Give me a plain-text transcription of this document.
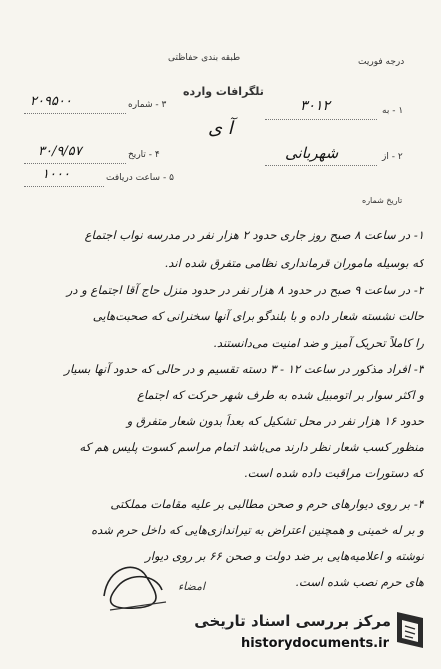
طبقه بندی حفاظتی	درجه فوریت
تلگرافات وارده
۱ - به
۳۰۱۲
۲ - از
شهربانی
آ ی
۳ - شماره
۲۰۹۵۰۰
۴ - تاریخ
۳۰/۹/۵۷
۵ - ساعت دریافت
۱۰۰۰
تاریخ شماره
۱- در ساعت ۸ صبح روز جاری حدود ۲ هزار نفر در مدرسه نواب اجتماع
که بوسیله ماموران قرمانداری نظامی متفرق شده اند.
۲- در ساعت ۹ صبح در حدود ۸ هزار نفر در حدود منزل حاج آقا اجتماع و در
حالت نشسته شعار داده و با بلندگو برای آنها سخنرانی که صحبت‌هایی
را کاملاً تحریک آمیز و ضد امنیت می‌دانستند.
۳- افراد مذکور در ساعت ۱۲ - ۳ دسته تقسیم و در حالی که حدود آنها بسیار
و اکثر سوار بر اتومبیل شده به طرف شهر حرکت که اجتماع
حدود ۱۶ هزار نفر در محل تشکیل که بعداً بدون شعار متفرق و
منظور کسب شعار نظر دارند می‌باشد اتمام مراسم کسوت پلیس هم که
که دستورات مراقبت داده شده است.
۴- بر روی دیوارهای حرم و صحن مطالبی بر علیه مقامات مملکتی
و بر له خمینی و همچنین اعتراض به تیراندازی‌هایی که داخل حرم شده
نوشته و اعلامیه‌هایی بر ضد دولت و صحن ۶۶ بر روی دیوار
های حرم نصب شده است.
امضاء
مرکز بررسی اسناد تاریخی
historydocuments.ir
